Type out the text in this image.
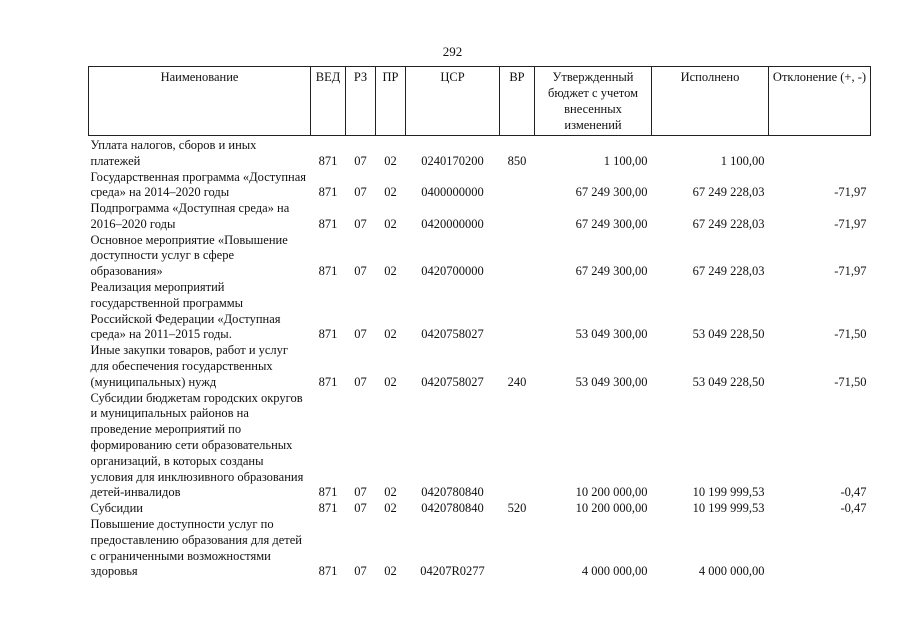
292
Наименование	ВЕД	РЗ	ПР	ЦСР	ВР	Утвержденный бюджет с учетом внесенных изменений	Исполнено	Отклонение (+, -)
Уплата налогов, сборов и иных платежей	871	07	02	0240170200	850	1 100,00	1 100,00	
Государственная программа «Доступная среда» на 2014–2020 годы	871	07	02	0400000000		67 249 300,00	67 249 228,03	-71,97
Подпрограмма «Доступная среда» на 2016–2020 годы	871	07	02	0420000000		67 249 300,00	67 249 228,03	-71,97
Основное мероприятие «Повышение доступности услуг в сфере образования»	871	07	02	0420700000		67 249 300,00	67 249 228,03	-71,97
Реализация мероприятий государственной программы Российской Федерации «Доступная среда» на 2011–2015 годы.	871	07	02	0420758027		53 049 300,00	53 049 228,50	-71,50
Иные закупки товаров, работ и услуг для обеспечения государственных (муниципальных) нужд	871	07	02	0420758027	240	53 049 300,00	53 049 228,50	-71,50
Субсидии бюджетам городских округов и муниципальных районов на проведение мероприятий по формированию сети образовательных организаций, в которых созданы условия для инклюзивного образования детей-инвалидов	871	07	02	0420780840		10 200 000,00	10 199 999,53	-0,47
Субсидии	871	07	02	0420780840	520	10 200 000,00	10 199 999,53	-0,47
Повышение доступности услуг по предоставлению образования для детей с ограниченными возможностями здоровья	871	07	02	04207R0277		4 000 000,00	4 000 000,00	
